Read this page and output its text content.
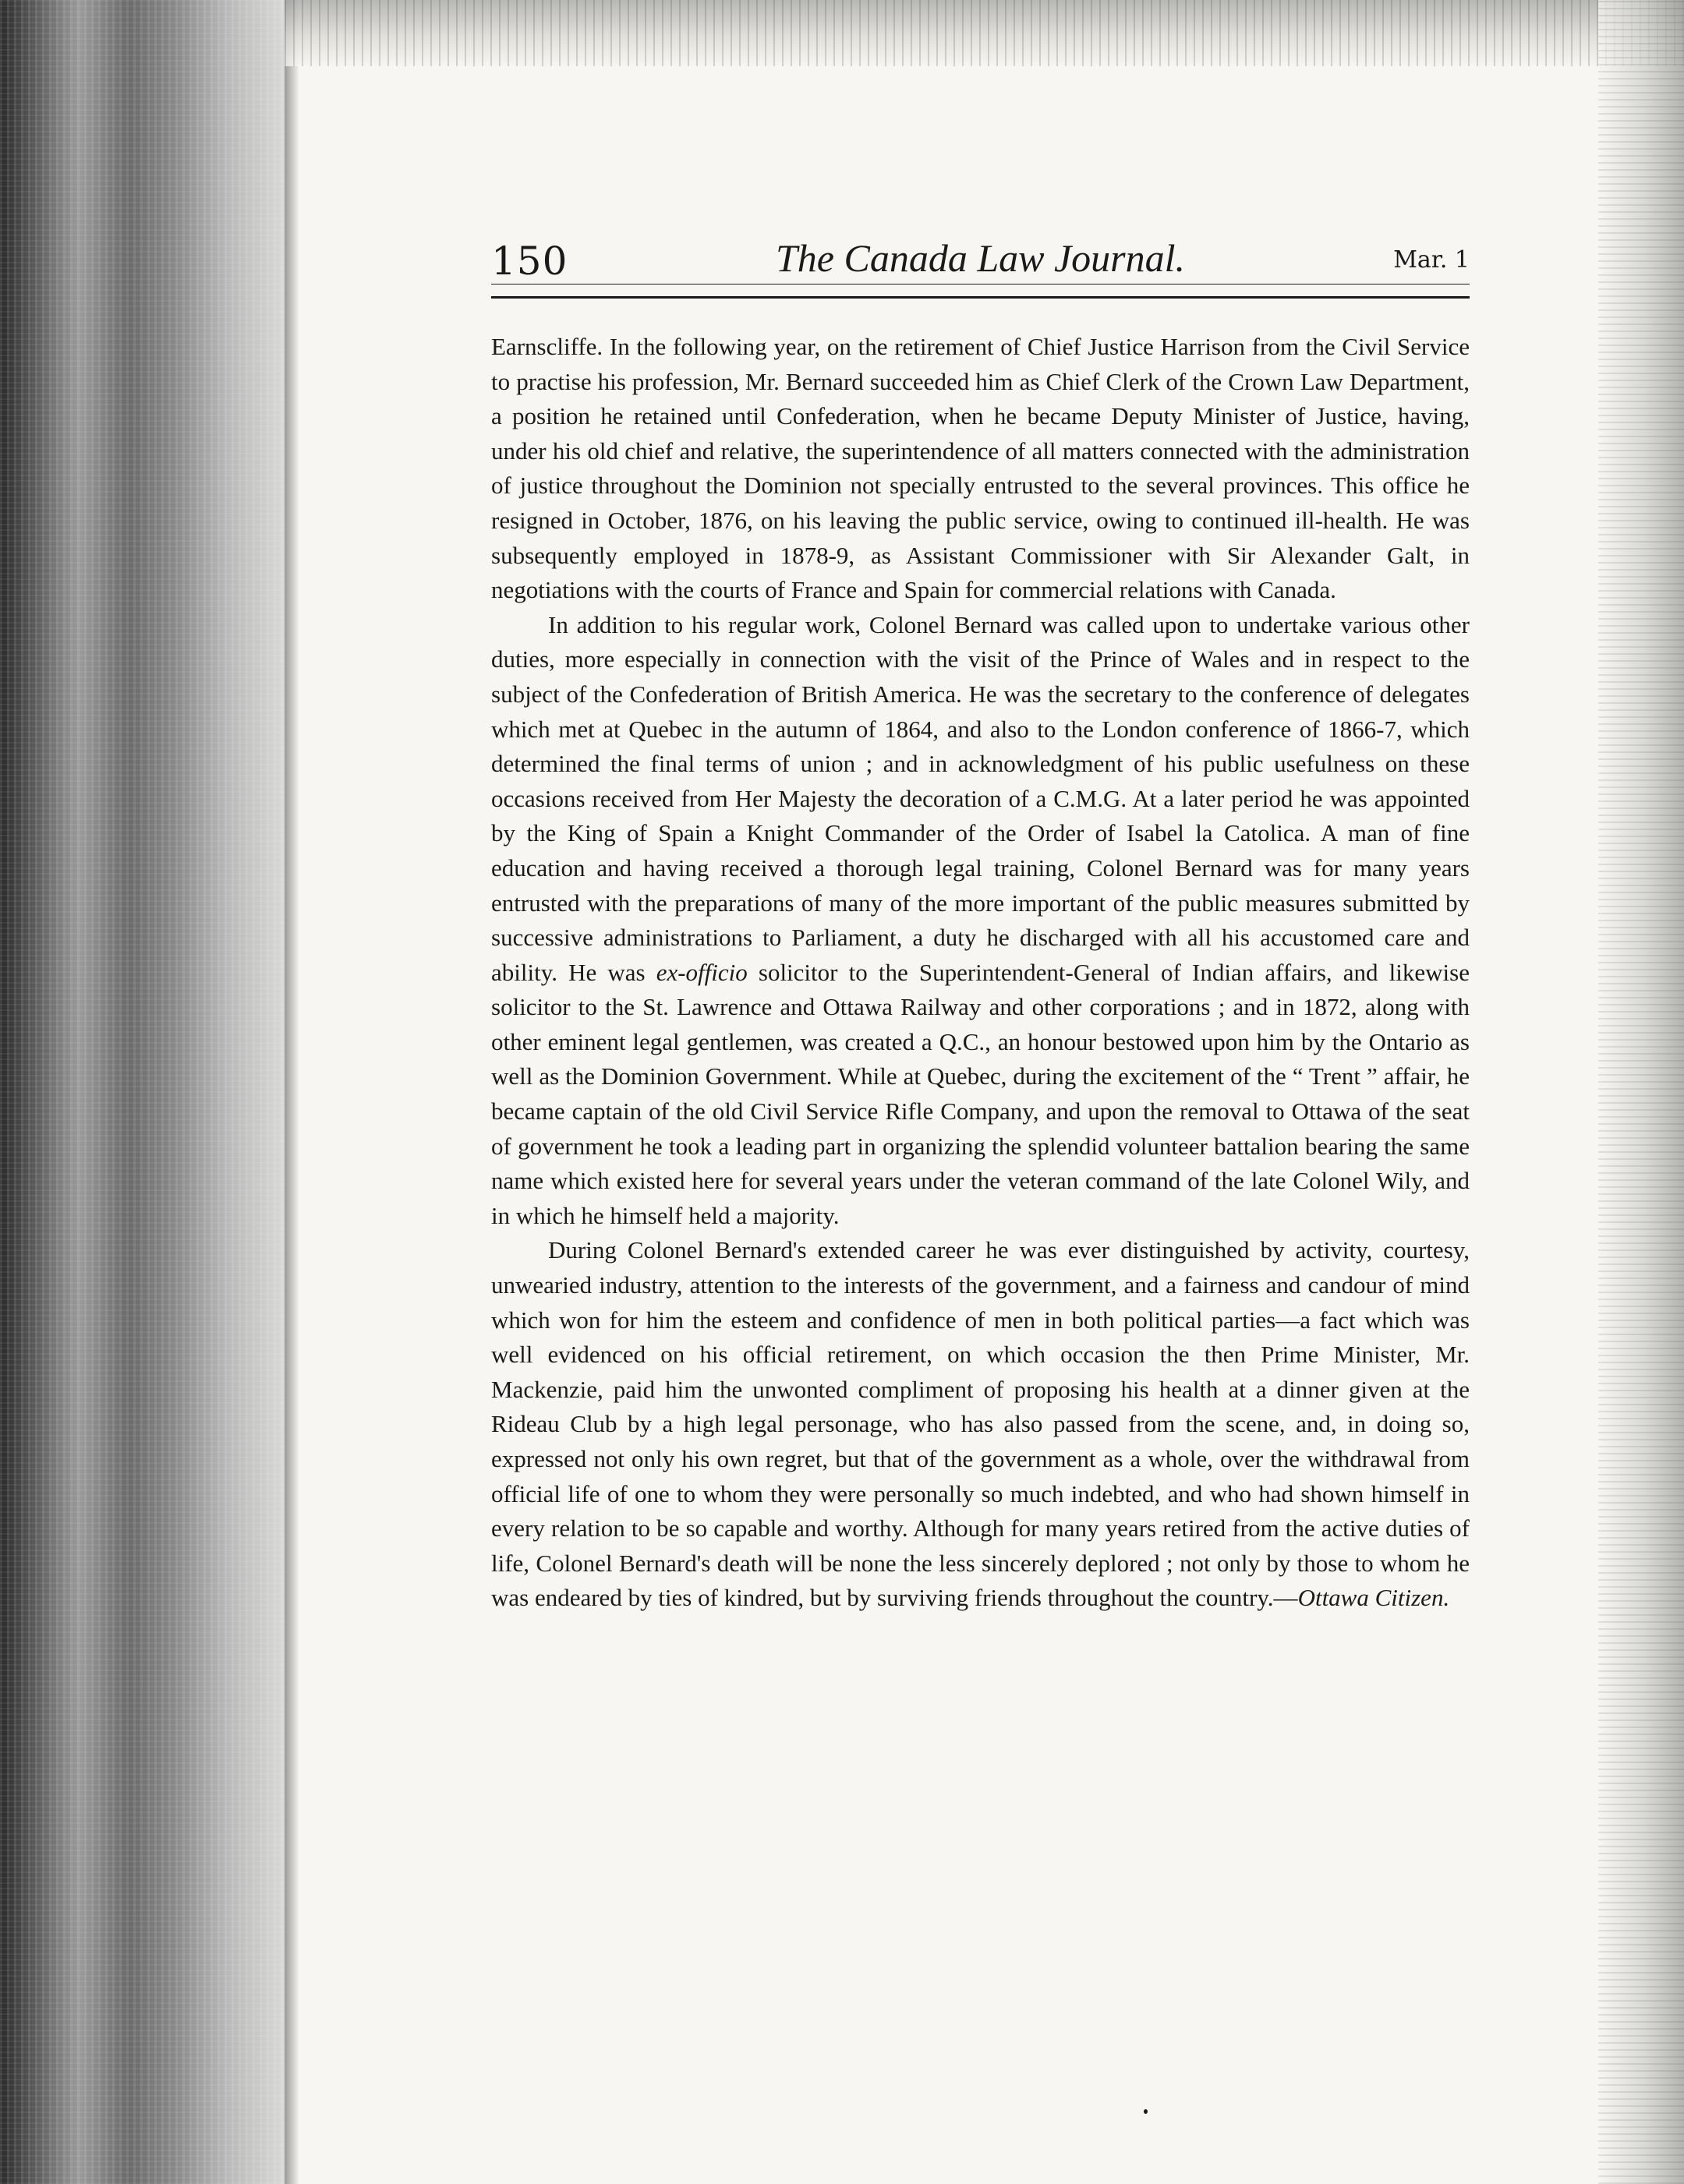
150	The Canada Law Journal.	Mar. 1

Earnscliffe. In the following year, on the retirement of Chief Justice Harrison from the Civil Service to practise his profession, Mr. Bernard succeeded him as Chief Clerk of the Crown Law Department, a position he retained until Confederation, when he became Deputy Minister of Justice, having, under his old chief and relative, the superintendence of all matters connected with the administration of justice throughout the Dominion not specially entrusted to the several provinces. This office he resigned in October, 1876, on his leaving the public service, owing to continued ill-health. He was subsequently employed in 1878-9, as Assistant Commissioner with Sir Alexander Galt, in negotiations with the courts of France and Spain for commercial relations with Canada.

In addition to his regular work, Colonel Bernard was called upon to undertake various other duties, more especially in connection with the visit of the Prince of Wales and in respect to the subject of the Confederation of British America. He was the secretary to the conference of delegates which met at Quebec in the autumn of 1864, and also to the London conference of 1866-7, which determined the final terms of union ; and in acknowledgment of his public usefulness on these occasions received from Her Majesty the decoration of a C.M.G. At a later period he was appointed by the King of Spain a Knight Commander of the Order of Isabel la Catolica. A man of fine education and having received a thorough legal training, Colonel Bernard was for many years entrusted with the preparations of many of the more important of the public measures submitted by successive administrations to Parliament, a duty he discharged with all his accustomed care and ability. He was ex-officio solicitor to the Superintendent-General of Indian affairs, and likewise solicitor to the St. Lawrence and Ottawa Railway and other corporations ; and in 1872, along with other eminent legal gentlemen, was created a Q.C., an honour bestowed upon him by the Ontario as well as the Dominion Government. While at Quebec, during the excitement of the “ Trent ” affair, he became captain of the old Civil Service Rifle Company, and upon the removal to Ottawa of the seat of government he took a leading part in organizing the splendid volunteer battalion bearing the same name which existed here for several years under the veteran command of the late Colonel Wily, and in which he himself held a majority.

During Colonel Bernard's extended career he was ever distinguished by activity, courtesy, unwearied industry, attention to the interests of the government, and a fairness and candour of mind which won for him the esteem and confidence of men in both political parties—a fact which was well evidenced on his official retirement, on which occasion the then Prime Minister, Mr. Mackenzie, paid him the unwonted compliment of proposing his health at a dinner given at the Rideau Club by a high legal personage, who has also passed from the scene, and, in doing so, expressed not only his own regret, but that of the government as a whole, over the withdrawal from official life of one to whom they were personally so much indebted, and who had shown himself in every relation to be so capable and worthy. Although for many years retired from the active duties of life, Colonel Bernard's death will be none the less sincerely deplored ; not only by those to whom he was endeared by ties of kindred, but by surviving friends throughout the country.—Ottawa Citizen.
